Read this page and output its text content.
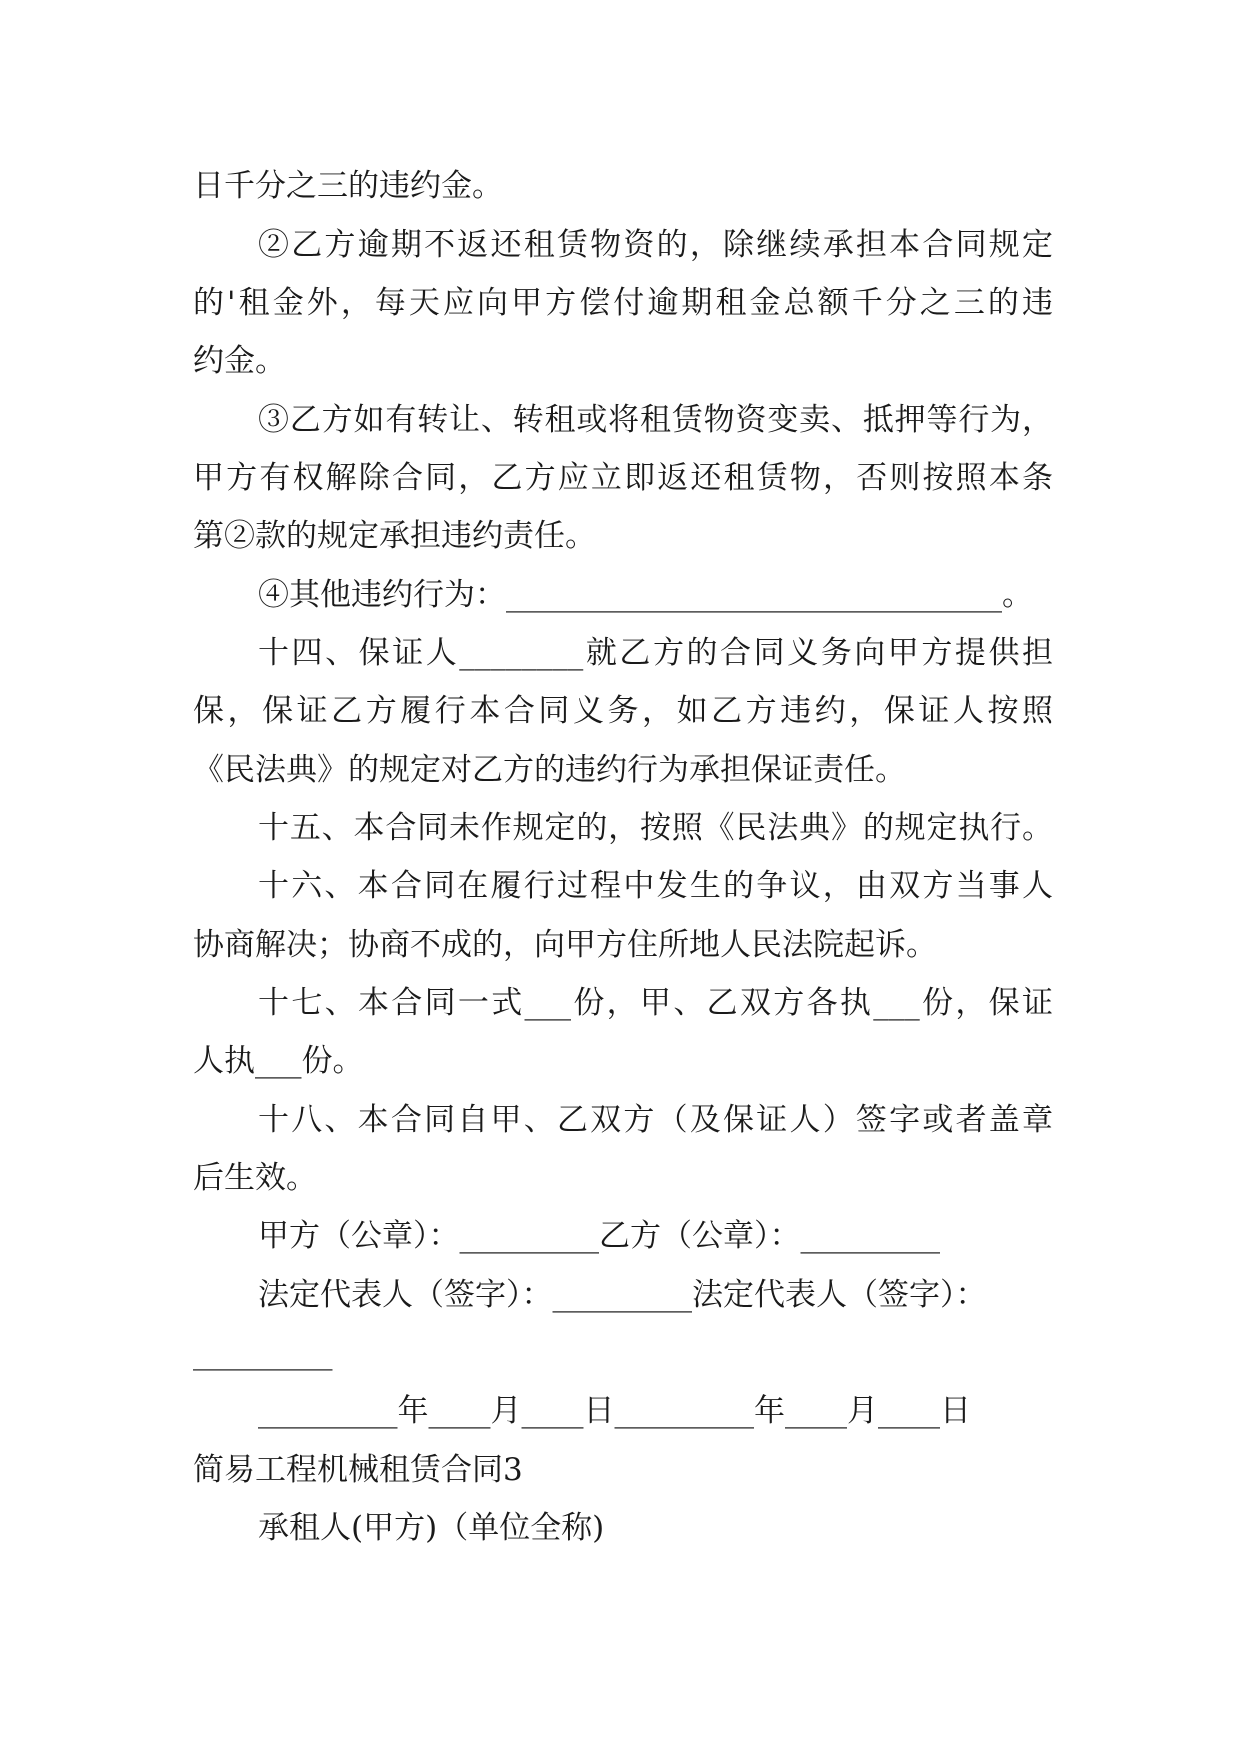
日千分之三的违约金。
②乙方逾期不返还租赁物资的，除继续承担本合同规定
的'租金外，每天应向甲方偿付逾期租金总额千分之三的违
约金。
③乙方如有转让、转租或将租赁物资变卖、抵押等行为，
甲方有权解除合同，乙方应立即返还租赁物，否则按照本条
第②款的规定承担违约责任。
④其他违约行为：________________________________。
十四、保证人________就乙方的合同义务向甲方提供担
保，保证乙方履行本合同义务，如乙方违约，保证人按照
《民法典》的规定对乙方的违约行为承担保证责任。
十五、本合同未作规定的，按照《民法典》的规定执行。
十六、本合同在履行过程中发生的争议，由双方当事人
协商解决；协商不成的，向甲方住所地人民法院起诉。
十七、本合同一式___份，甲、乙双方各执___份，保证
人执___份。
十八、本合同自甲、乙双方（及保证人）签字或者盖章
后生效。
甲方（公章）：_________乙方（公章）：_________
法定代表人（签字）：_________法定代表人（签字）：
_________
_________年____月____日_________年____月____日
简易工程机械租赁合同3
承租人(甲方)（单位全称)
